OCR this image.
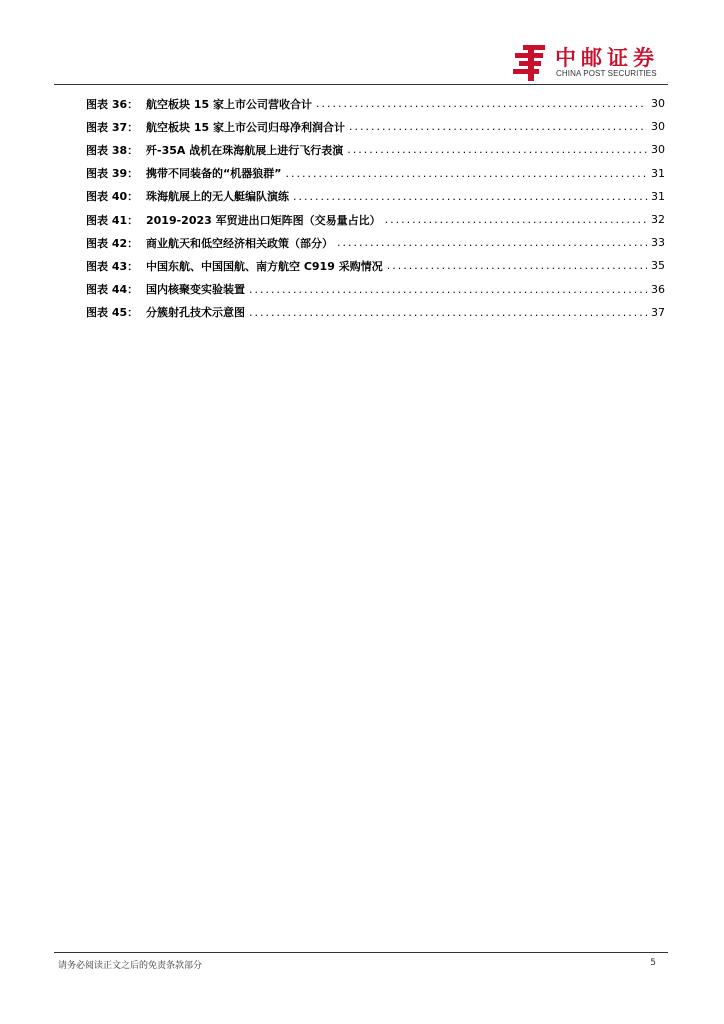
中邮证券
CHINA POST SECURITIES
图表 36： 航空板块 15 家上市公司营收合计 .....	30
图表 37： 航空板块 15 家上市公司归母净利润合计 .....	30
图表 38： 歼-35A 战机在珠海航展上进行飞行表演 .....	30
图表 39： 携带不同装备的“机器狼群” .....	31
图表 40： 珠海航展上的无人艇编队演练 .....	31
图表 41： 2019-2023 军贸进出口矩阵图（交易量占比） .....	32
图表 42： 商业航天和低空经济相关政策（部分） .....	33
图表 43： 中国东航、中国国航、南方航空 C919 采购情况 .....	35
图表 44： 国内核聚变实验装置 .....	36
图表 45： 分簇射孔技术示意图 .....	37
请务必阅读正文之后的免责条款部分	5
